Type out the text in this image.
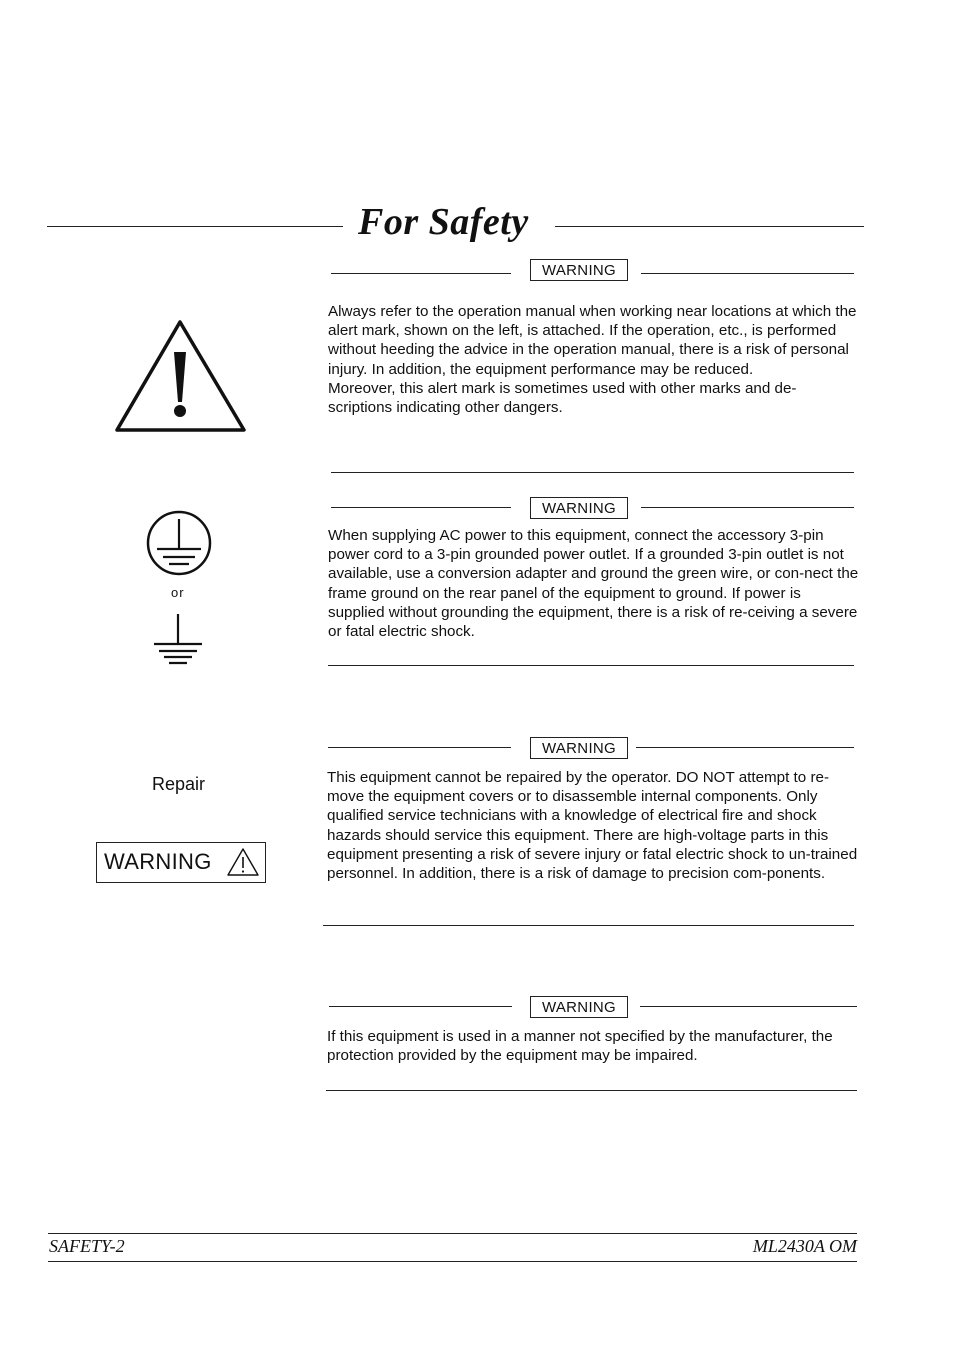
For Safety
WARNING

Always refer to the operation manual when working near locations at which the alert mark, shown on the left, is attached. If the operation, etc., is performed without heeding the advice in the operation manual, there is a risk of personal injury. In addition, the equipment performance may be reduced.

Moreover, this alert mark is sometimes used with other marks and de-scriptions indicating other dangers.

WARNING
or

When supplying AC power to this equipment, connect the accessory 3-pin power cord to a 3-pin grounded power outlet. If a grounded 3-pin outlet is not available, use a conversion adapter and ground the green wire, or con-nect the frame ground on the rear panel of the equipment to ground. If power is supplied without grounding the equipment, there is a risk of re-ceiving a severe or fatal electric shock.

WARNING
Repair
WARNING

This equipment cannot be repaired by the operator. DO NOT attempt to re-move the equipment covers or to disassemble internal components. Only qualified service technicians with a knowledge of electrical fire and shock hazards should service this equipment. There are high-voltage parts in this equipment presenting a risk of severe injury or fatal electric shock to un-trained personnel. In addition, there is a risk of damage to precision com-ponents.

WARNING

If this equipment is used in a manner not specified by the manufacturer, the protection provided by the equipment may be impaired.

SAFETY-2	ML2430A OM
